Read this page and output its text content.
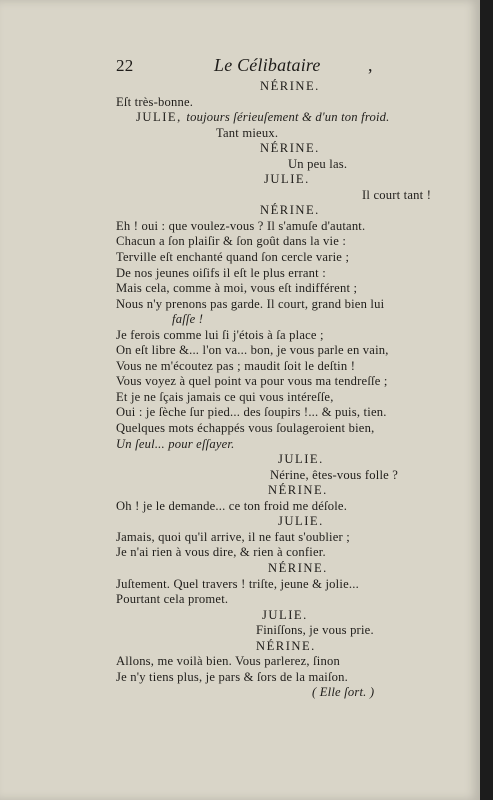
22	Le Célibataire	,
NÉRINE.
Eſt très-bonne.
JULIE, toujours ſérieuſement & d'un ton froid.
Tant mieux.
NÉRINE.
Un peu las.
JULIE.
Il court tant !
NÉRINE.
Eh ! oui : que voulez-vous ? Il s'amuſe d'autant.
Chacun a ſon plaiſir & ſon goût dans la vie :
Terville eſt enchanté quand ſon cercle varie ;
De nos jeunes oiſifs il eſt le plus errant :
Mais cela, comme à moi, vous eſt indifférent ;
Nous n'y prenons pas garde. Il court, grand bien lui
faſſe !
Je ferois comme lui ſi j'étois à ſa place ;
On eſt libre &... l'on va... bon, je vous parle en vain,
Vous ne m'écoutez pas ; maudit ſoit le deſtin !
Vous voyez à quel point va pour vous ma tendreſſe ;
Et je ne ſçais jamais ce qui vous intéreſſe,
Oui : je ſèche ſur pied... des ſoupirs !... & puis, tien.
Quelques mots échappés vous ſoulageroient bien,
Un ſeul... pour eſſayer.
JULIE.
Nérine, êtes-vous folle ?
NÉRINE.
Oh ! je le demande... ce ton froid me déſole.
JULIE.
Jamais, quoi qu'il arrive, il ne faut s'oublier ;
Je n'ai rien à vous dire, & rien à confier.
NÉRINE.
Juſtement. Quel travers ! triſte, jeune & jolie...
Pourtant cela promet.
JULIE.
Finiſſons, je vous prie.
NÉRINE.
Allons, me voilà bien. Vous parlerez, ſinon
Je n'y tiens plus, je pars & ſors de la maiſon.
( Elle ſort. )
